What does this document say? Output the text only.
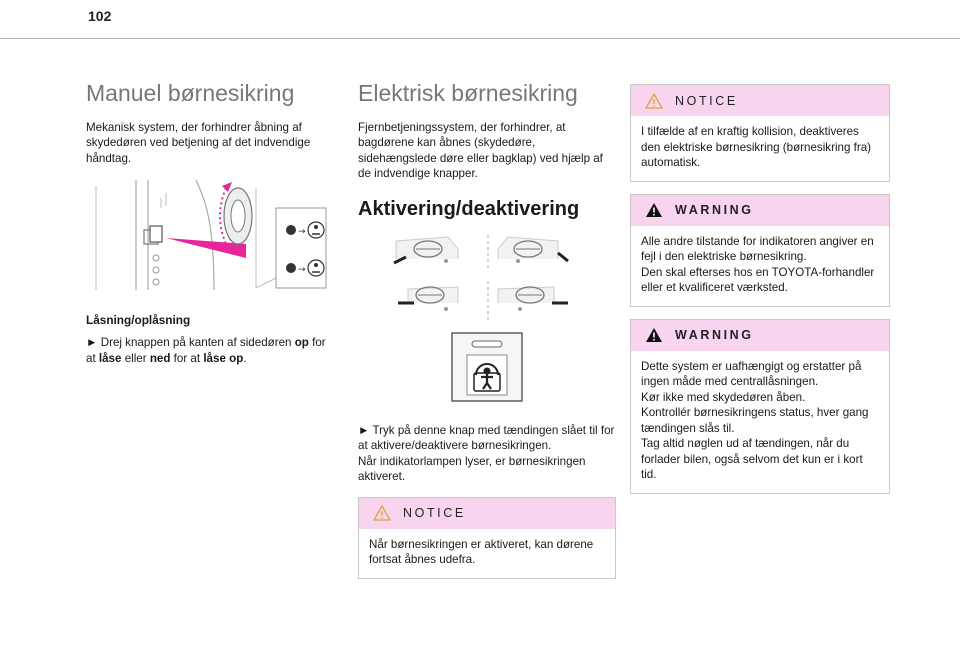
102
Manuel børnesikring

Mekanisk system, der forhindrer åbning af skydedøren ved betjening af det indvendige håndtag.

→
→

Låsning/oplåsning

► Drej knappen på kanten af sidedøren op for at låse eller ned for at låse op.

Elektrisk børnesikring

Fjernbetjeningssystem, der forhindrer, at bagdørene kan åbnes (skydedøre, sidehængslede døre eller bagklap) ved hjælp af de indvendige knapper.

Aktivering/deaktivering

► Tryk på denne knap med tændingen slået til for at aktivere/deaktivere børnesikringen.

Når indikatorlampen lyser, er børnesikringen aktiveret.

NOTICE
Når børnesikringen er aktiveret, kan dørene fortsat åbnes udefra.
NOTICE
I tilfælde af en kraftig kollision, deaktiveres den elektriske børnesikring (børnesikring fra) automatisk.
WARNING
Alle andre tilstande for indikatoren angiver en fejl i den elektriske børnesikring.
Den skal efterses hos en TOYOTA-forhandler eller et kvalificeret værksted.
WARNING
Dette system er uafhængigt og erstatter på ingen måde med centrallåsningen.
Kør ikke med skydedøren åben.
Kontrollér børnesikringens status, hver gang tændingen slås til.
Tag altid nøglen ud af tændingen, når du forlader bilen, også selvom det kun er i kort tid.
